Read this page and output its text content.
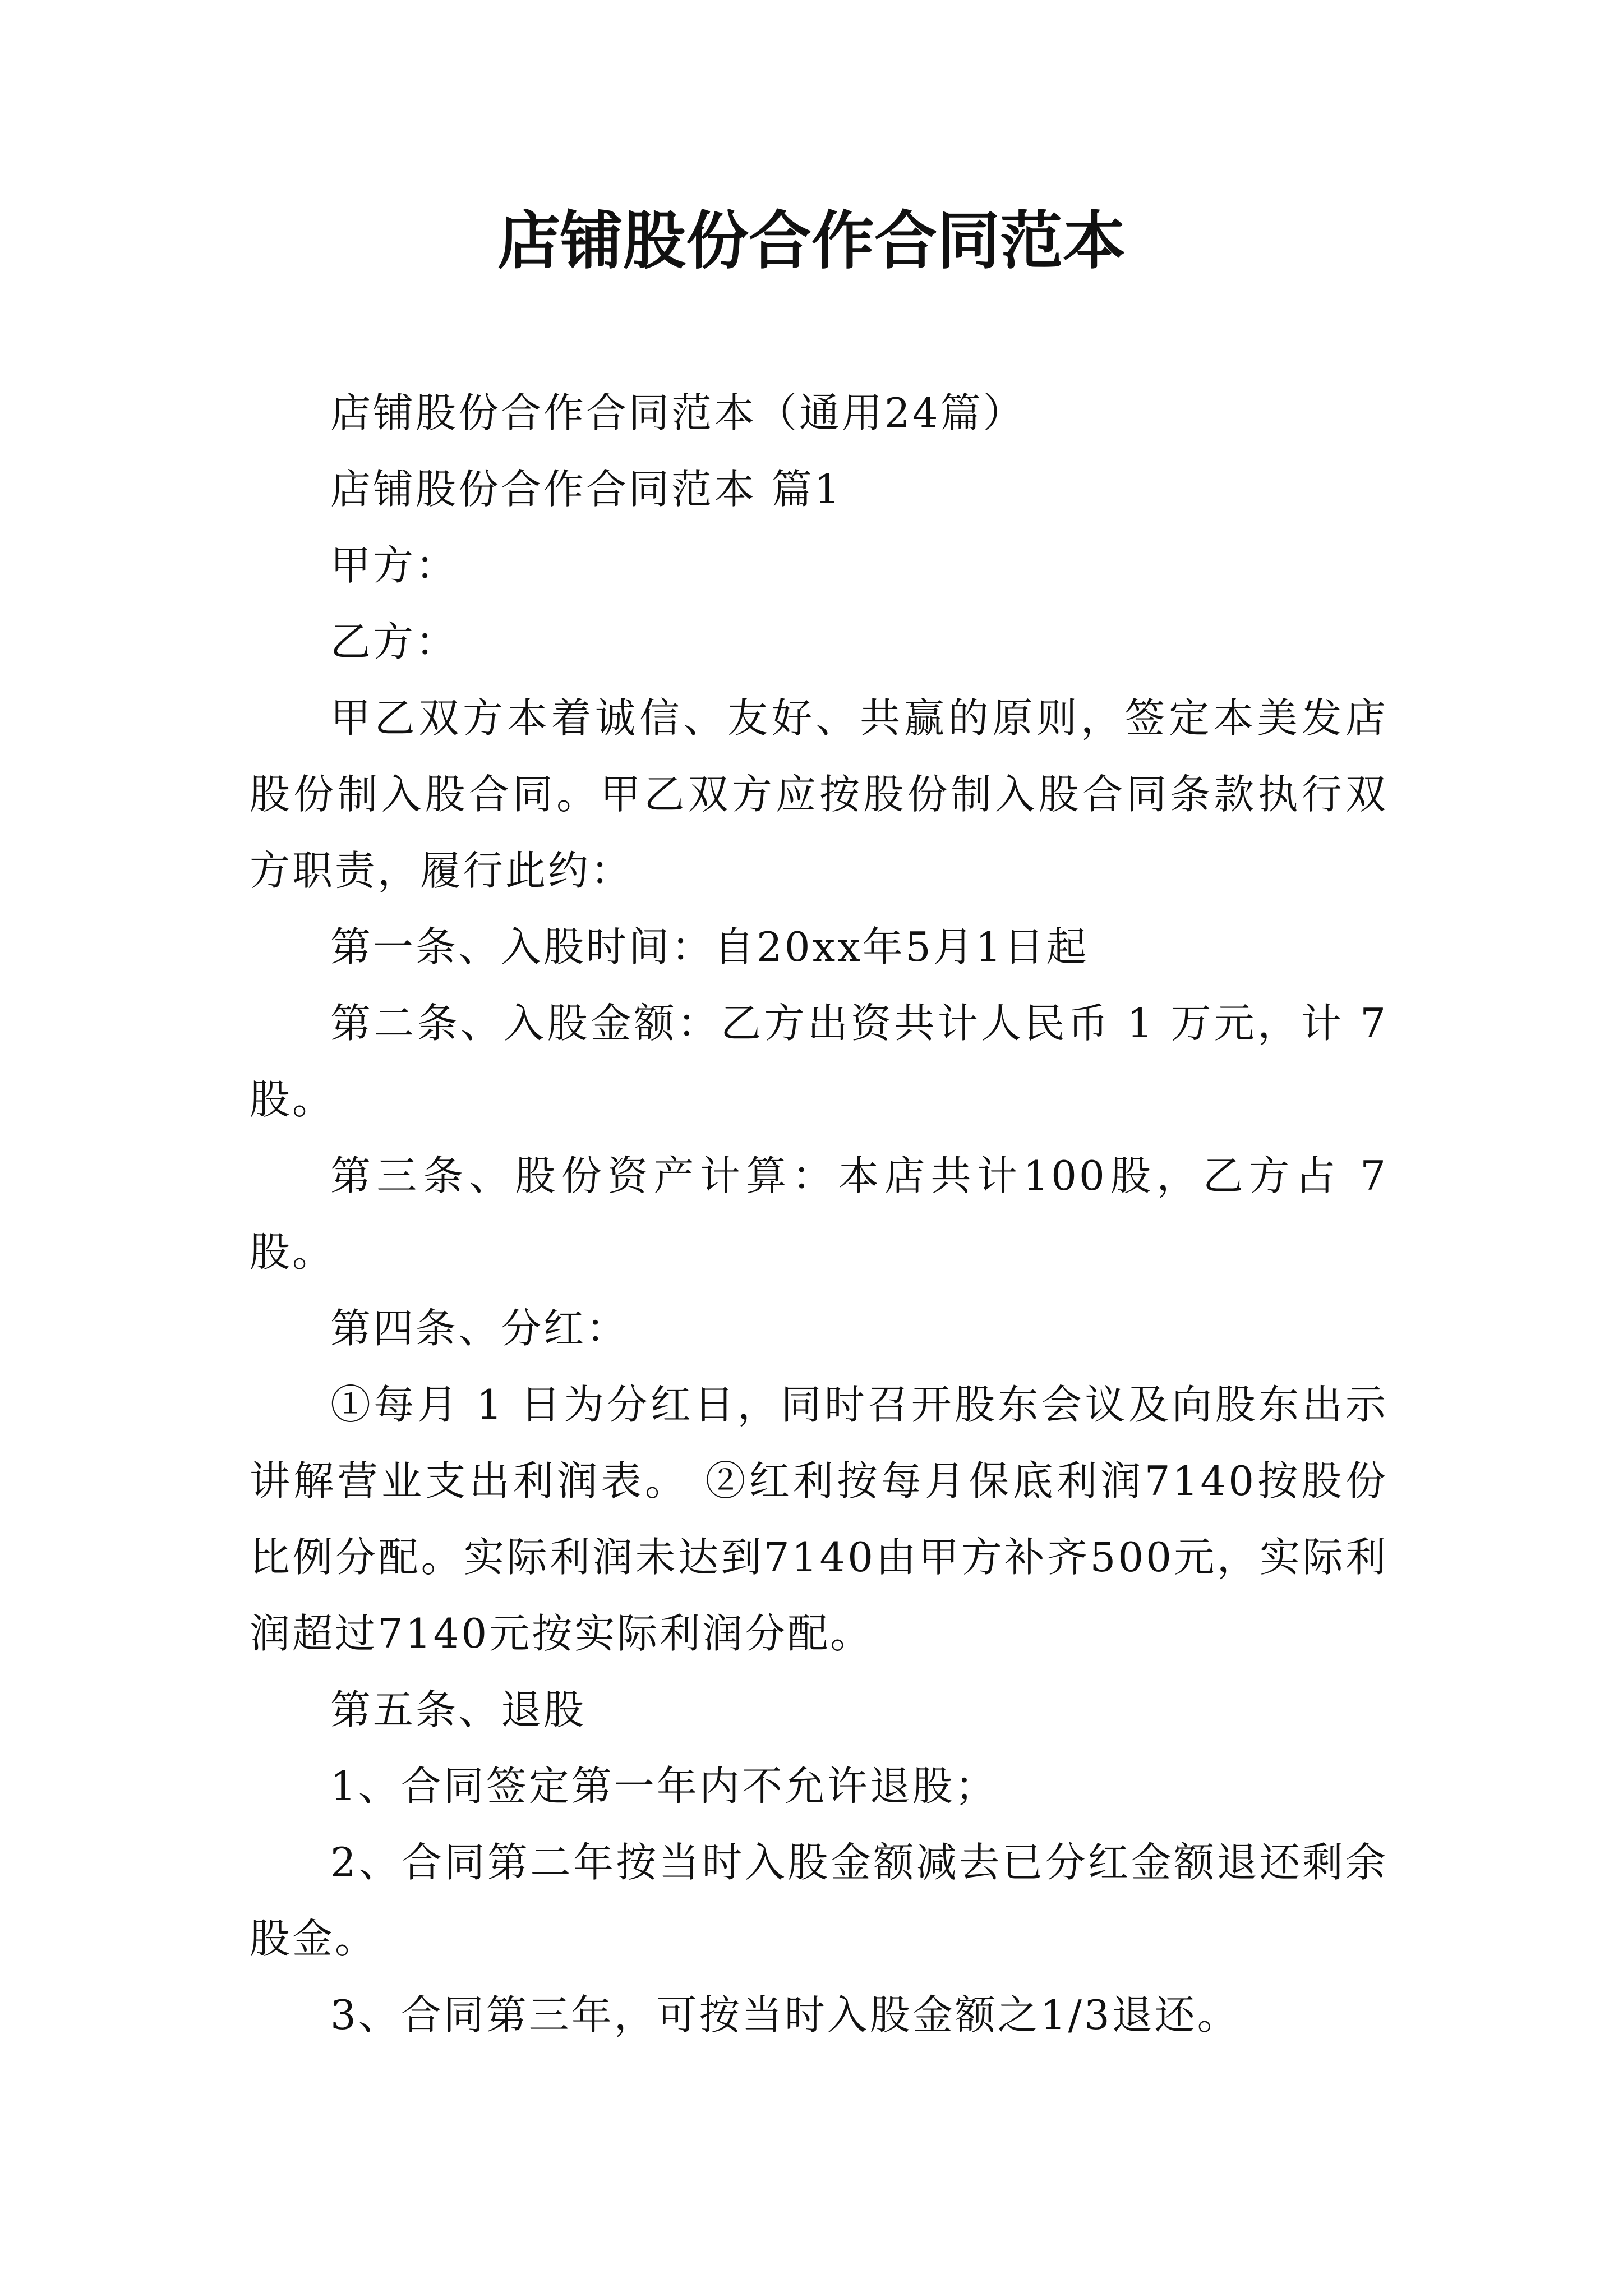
店铺股份合作合同范本

店铺股份合作合同范本（通用24篇）

店铺股份合作合同范本 篇1

甲方：

乙方：

甲乙双方本着诚信、友好、共赢的原则，签定本美发店股份制入股合同。甲乙双方应按股份制入股合同条款执行双方职责，履行此约：

第一条、入股时间：自20xx年5月1日起

第二条、入股金额：乙方出资共计人民币 1 万元，计 7 股。

第三条、股份资产计算：本店共计100股，乙方占 7 股。

第四条、分红：

①每月 1 日为分红日，同时召开股东会议及向股东出示讲解营业支出利润表。 ②红利按每月保底利润7140按股份比例分配。实际利润未达到7140由甲方补齐500元，实际利润超过7140元按实际利润分配。

第五条、退股

1、合同签定第一年内不允许退股；

2、合同第二年按当时入股金额减去已分红金额退还剩余股金。

3、合同第三年，可按当时入股金额之1/3退还。
